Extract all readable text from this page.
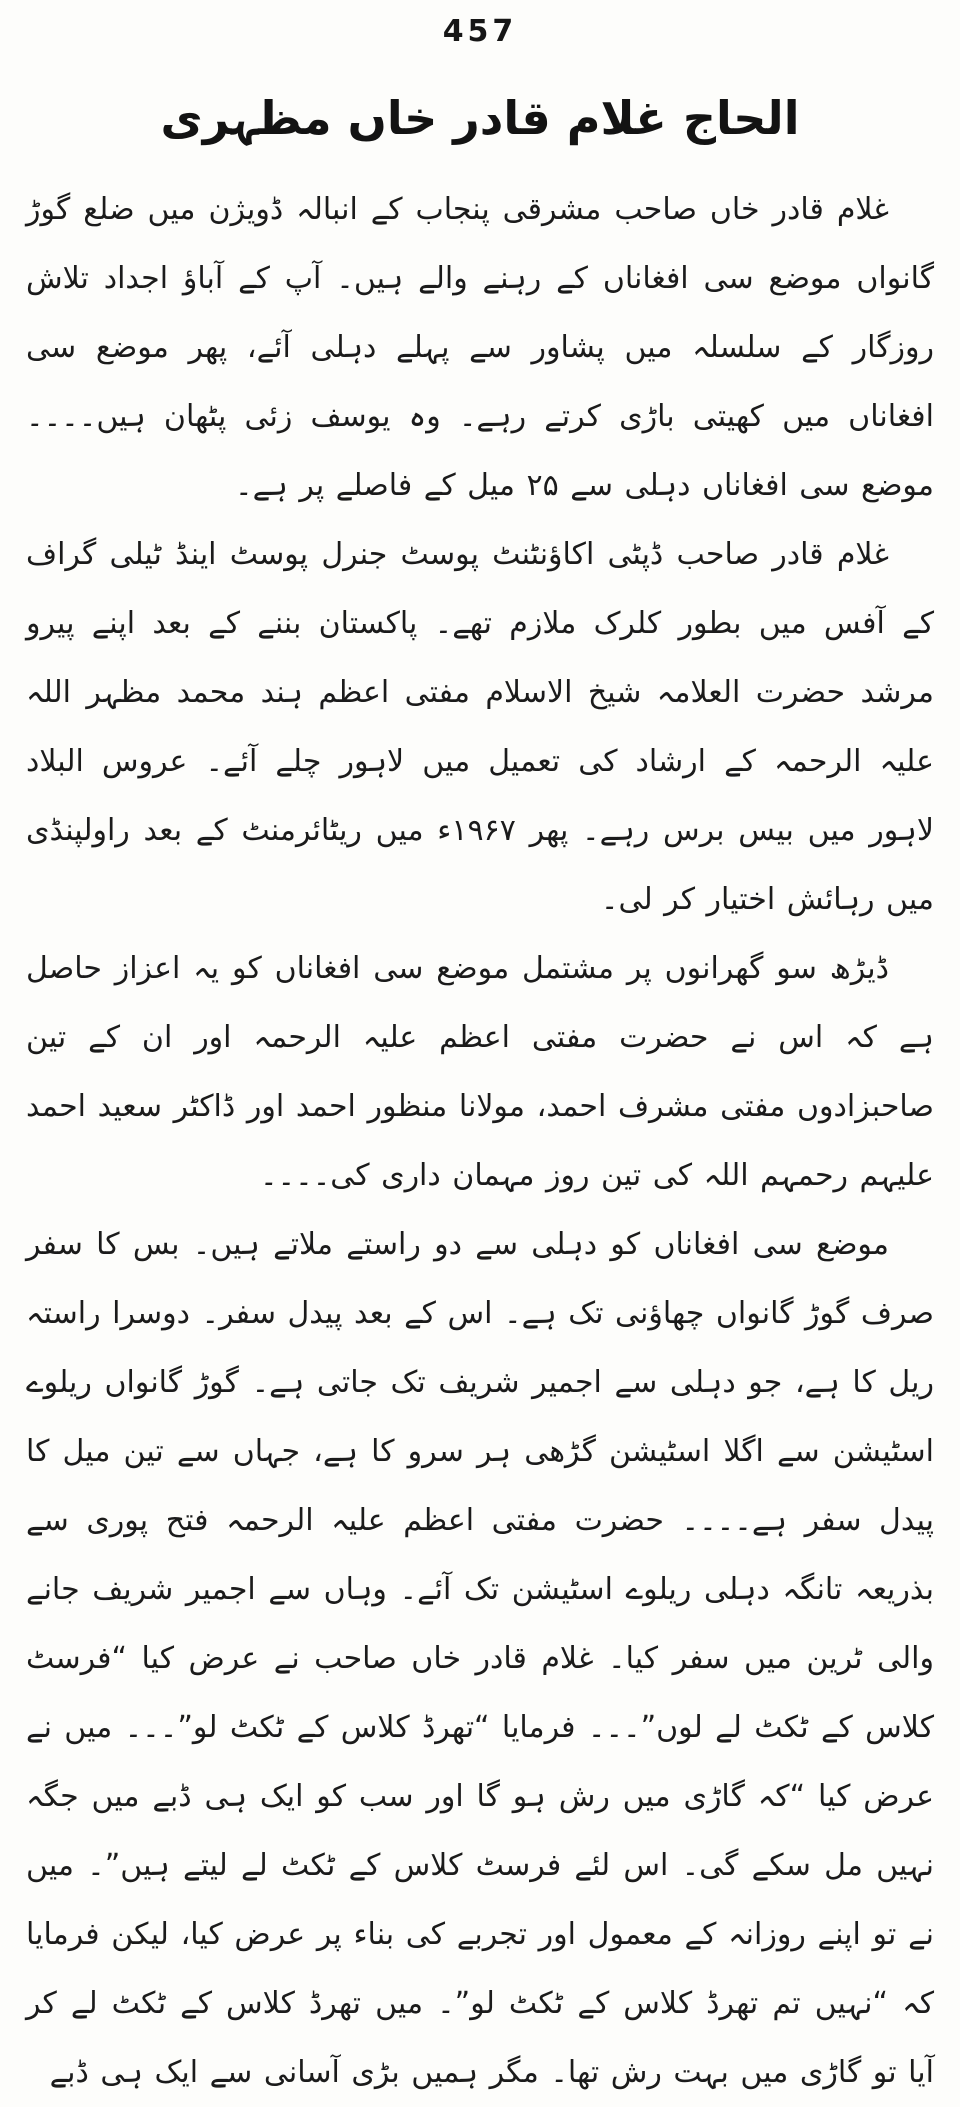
457
الحاج غلام قادر خاں مظہری

غلام قادر خاں صاحب مشرقی پنجاب کے انبالہ ڈویژن میں ضلع گوڑ گانواں موضع سی افغاناں کے رہنے والے ہیں۔ آپ کے آباؤ اجداد تلاش روزگار کے سلسلہ میں پشاور سے پہلے دہلی آئے، پھر موضع سی افغاناں میں کھیتی باڑی کرتے رہے۔ وہ یوسف زئی پٹھان ہیں۔۔۔۔ موضع سی افغاناں دہلی سے ۲۵ میل کے فاصلے پر ہے۔

غلام قادر صاحب ڈپٹی اکاؤنٹنٹ پوسٹ جنرل پوسٹ اینڈ ٹیلی گراف کے آفس میں بطور کلرک ملازم تھے۔ پاکستان بننے کے بعد اپنے پیرو مرشد حضرت العلامہ شیخ الاسلام مفتی اعظم ہند محمد مظہر اللہ علیہ الرحمہ کے ارشاد کی تعمیل میں لاہور چلے آئے۔ عروس البلاد لاہور میں بیس برس رہے۔ پھر ۱۹۶۷ء میں ریٹائرمنٹ کے بعد راولپنڈی میں رہائش اختیار کر لی۔

ڈیڑھ سو گھرانوں پر مشتمل موضع سی افغاناں کو یہ اعزاز حاصل ہے کہ اس نے حضرت مفتی اعظم علیہ الرحمہ اور ان کے تین صاحبزادوں مفتی مشرف احمد، مولانا منظور احمد اور ڈاکٹر سعید احمد علیہم رحمہم اللہ کی تین روز مہمان داری کی۔۔۔۔

موضع سی افغاناں کو دہلی سے دو راستے ملاتے ہیں۔ بس کا سفر صرف گوڑ گانواں چھاؤنی تک ہے۔ اس کے بعد پیدل سفر۔ دوسرا راستہ ریل کا ہے، جو دہلی سے اجمیر شریف تک جاتی ہے۔ گوڑ گانواں ریلوے اسٹیشن سے اگلا اسٹیشن گڑھی ہر سرو کا ہے، جہاں سے تین میل کا پیدل سفر ہے۔۔۔۔ حضرت مفتی اعظم علیہ الرحمہ فتح پوری سے بذریعہ تانگہ دہلی ریلوے اسٹیشن تک آئے۔ وہاں سے اجمیر شریف جانے والی ٹرین میں سفر کیا۔ غلام قادر خاں صاحب نے عرض کیا “فرسٹ کلاس کے ٹکٹ لے لوں”۔۔۔ فرمایا “تھرڈ کلاس کے ٹکٹ لو”۔۔۔ میں نے عرض کیا “کہ گاڑی میں رش ہو گا اور سب کو ایک ہی ڈبے میں جگہ نہیں مل سکے گی۔ اس لئے فرسٹ کلاس کے ٹکٹ لے لیتے ہیں”۔ میں نے تو اپنے روزانہ کے معمول اور تجربے کی بناء پر عرض کیا، لیکن فرمایا کہ “نہیں تم تھرڈ کلاس کے ٹکٹ لو”۔ میں تھرڈ کلاس کے ٹکٹ لے کر آیا تو گاڑی میں بہت رش تھا۔ مگر ہمیں بڑی آسانی سے ایک ہی ڈبے
